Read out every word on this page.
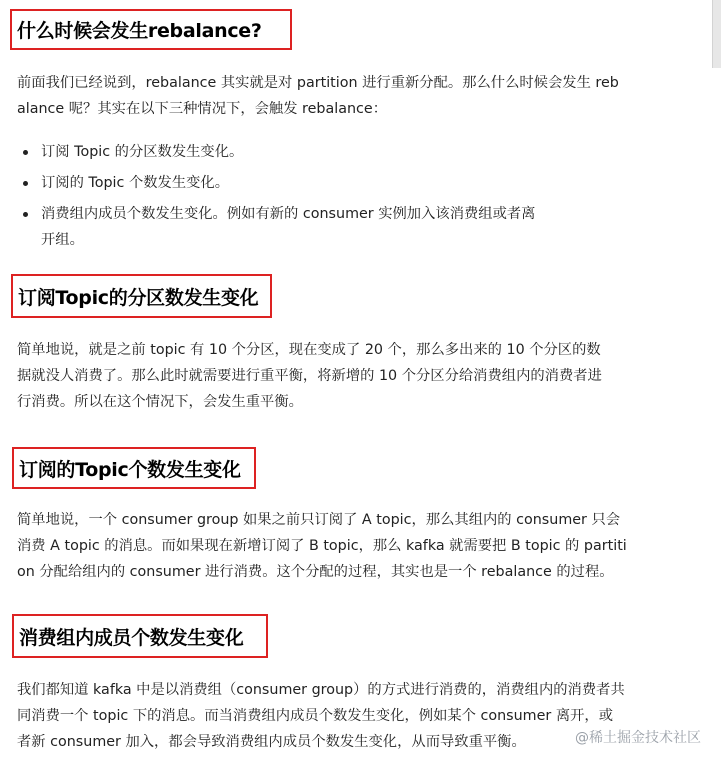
什么时候会发生rebalance?
前面我们已经说到，rebalance 其实就是对 partition 进行重新分配。那么什么时候会发生 reb
alance 呢？其实在以下三种情况下，会触发 rebalance：
订阅 Topic 的分区数发生变化。
订阅的 Topic 个数发生变化。
消费组内成员个数发生变化。例如有新的 consumer 实例加入该消费组或者离
开组。
订阅Topic的分区数发生变化
简单地说，就是之前 topic 有 10 个分区，现在变成了 20 个，那么多出来的 10 个分区的数
据就没人消费了。那么此时就需要进行重平衡，将新增的 10 个分区分给消费组内的消费者进
行消费。所以在这个情况下，会发生重平衡。
订阅的Topic个数发生变化
简单地说，一个 consumer group 如果之前只订阅了 A topic，那么其组内的 consumer 只会
消费 A topic 的消息。而如果现在新增订阅了 B topic，那么 kafka 就需要把 B topic 的 partiti
on 分配给组内的 consumer 进行消费。这个分配的过程，其实也是一个 rebalance 的过程。
消费组内成员个数发生变化
我们都知道 kafka 中是以消费组（consumer group）的方式进行消费的，消费组内的消费者共
同消费一个 topic 下的消息。而当消费组内成员个数发生变化，例如某个 consumer 离开，或
者新 consumer 加入，都会导致消费组内成员个数发生变化，从而导致重平衡。	@稀土掘金技术社区
